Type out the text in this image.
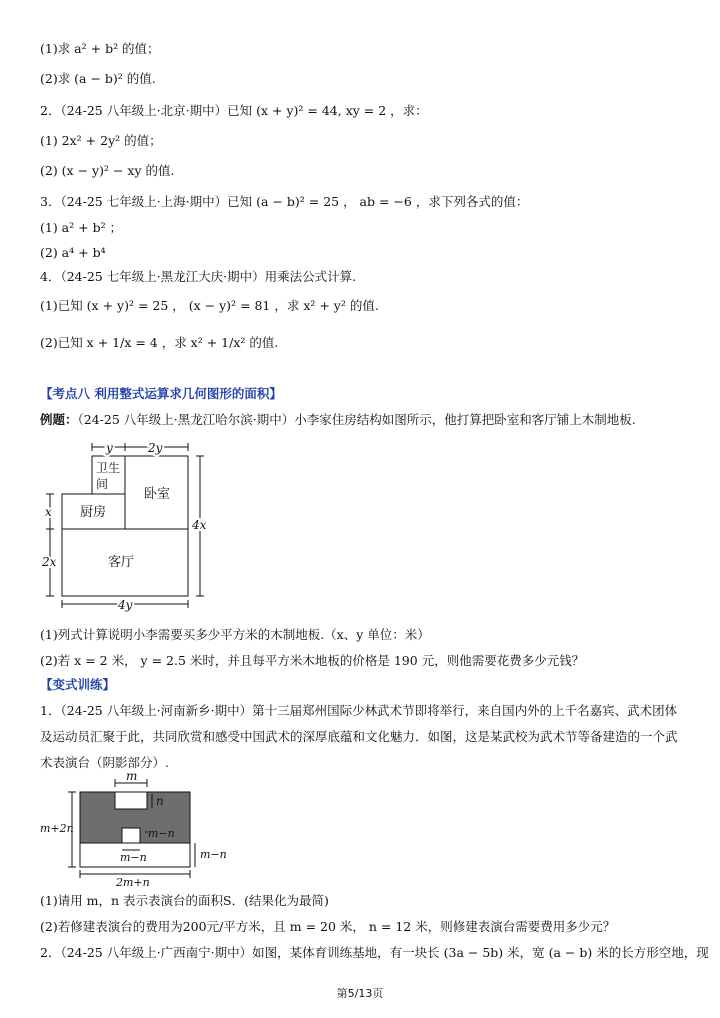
(1)求 a² + b² 的值；
(2)求 (a − b)² 的值.
2．（24-25 八年级上·北京·期中）已知 (x + y)² = 44, xy = 2 ，求：
(1) 2x² + 2y² 的值；
(2) (x − y)² − xy 的值.
3．（24-25 七年级上·上海·期中）已知 (a − b)² = 25 ， ab = −6 ，求下列各式的值：
(1) a² + b² ；
(2) a⁴ + b⁴
4．（24-25 七年级上·黑龙江大庆·期中）用乘法公式计算.
(1)已知 (x + y)² = 25 ， (x − y)² = 81 ，求 x² + y² 的值.
(2)已知 x + 1/x = 4 ，求 x² + 1/x² 的值.
【考点八 利用整式运算求几何图形的面积】
例题：（24-25 八年级上·黑龙江哈尔滨·期中）小李家住房结构如图所示，他打算把卧室和客厅铺上木制地板.
y	2y
卫生
间
卧室
厨房
客厅
x
2x
4x
4y
(1)列式计算说明小李需要买多少平方米的木制地板.（x、y 单位：米）
(2)若 x = 2 米， y = 2.5 米时，并且每平方米木地板的价格是 190 元，则他需要花费多少元钱？
【变式训练】
1．（24-25 八年级上·河南新乡·期中）第十三届郑州国际少林武术节即将举行，来自国内外的上千名嘉宾、武术团体及运动员汇聚于此，共同欣赏和感受中国武术的深厚底蕴和文化魅力．如图，这是某武校为武术节等备建造的一个武术表演台（阴影部分）.
m
n
m−n
m+2n
m−n	m−n
2m+n
(1)请用 m，n 表示表演台的面积S．(结果化为最简)
(2)若修建表演台的费用为200元/平方米，且 m = 20 米， n = 12 米，则修建表演台需要费用多少元？
2．（24-25 八年级上·广西南宁·期中）如图，某体育训练基地，有一块长 (3a − 5b) 米，宽 (a − b) 米的长方形空地，现
第5/13页
